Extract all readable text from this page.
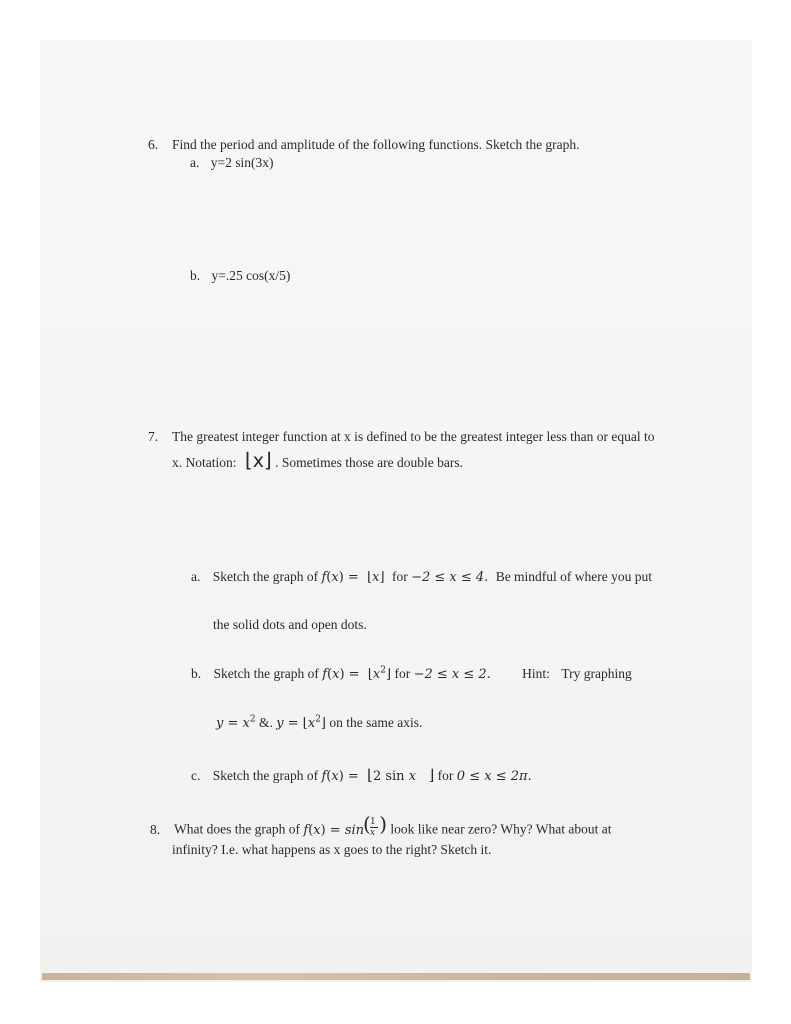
6. Find the period and amplitude of the following functions. Sketch the graph.
a. y=2 sin(3x)
b. y=.25 cos(x/5)
7. The greatest integer function at x is defined to be the greatest integer less than or equal to
x. Notation: ⌊x⌋ . Sometimes those are double bars.
a. Sketch the graph of f(x) = ⌊x⌋ for −2 ≤ x ≤ 4. Be mindful of where you put
the solid dots and open dots.
b. Sketch the graph of $f(x) = ⌊x^2⌋$ for −2 ≤ x ≤ 2. Hint: Try graphing
$y = x^2$ &. $y = ⌊x^2⌋$ on the same axis.
c. Sketch the graph of f(x) = ⌊2 sin x   ⌋ for 0 ≤ x ≤ 2π.
8. What does the graph of f(x) = sin ( 1
x ) look like near zero? Why? What about at
infinity? I.e. what happens as x goes to the right? Sketch it.
